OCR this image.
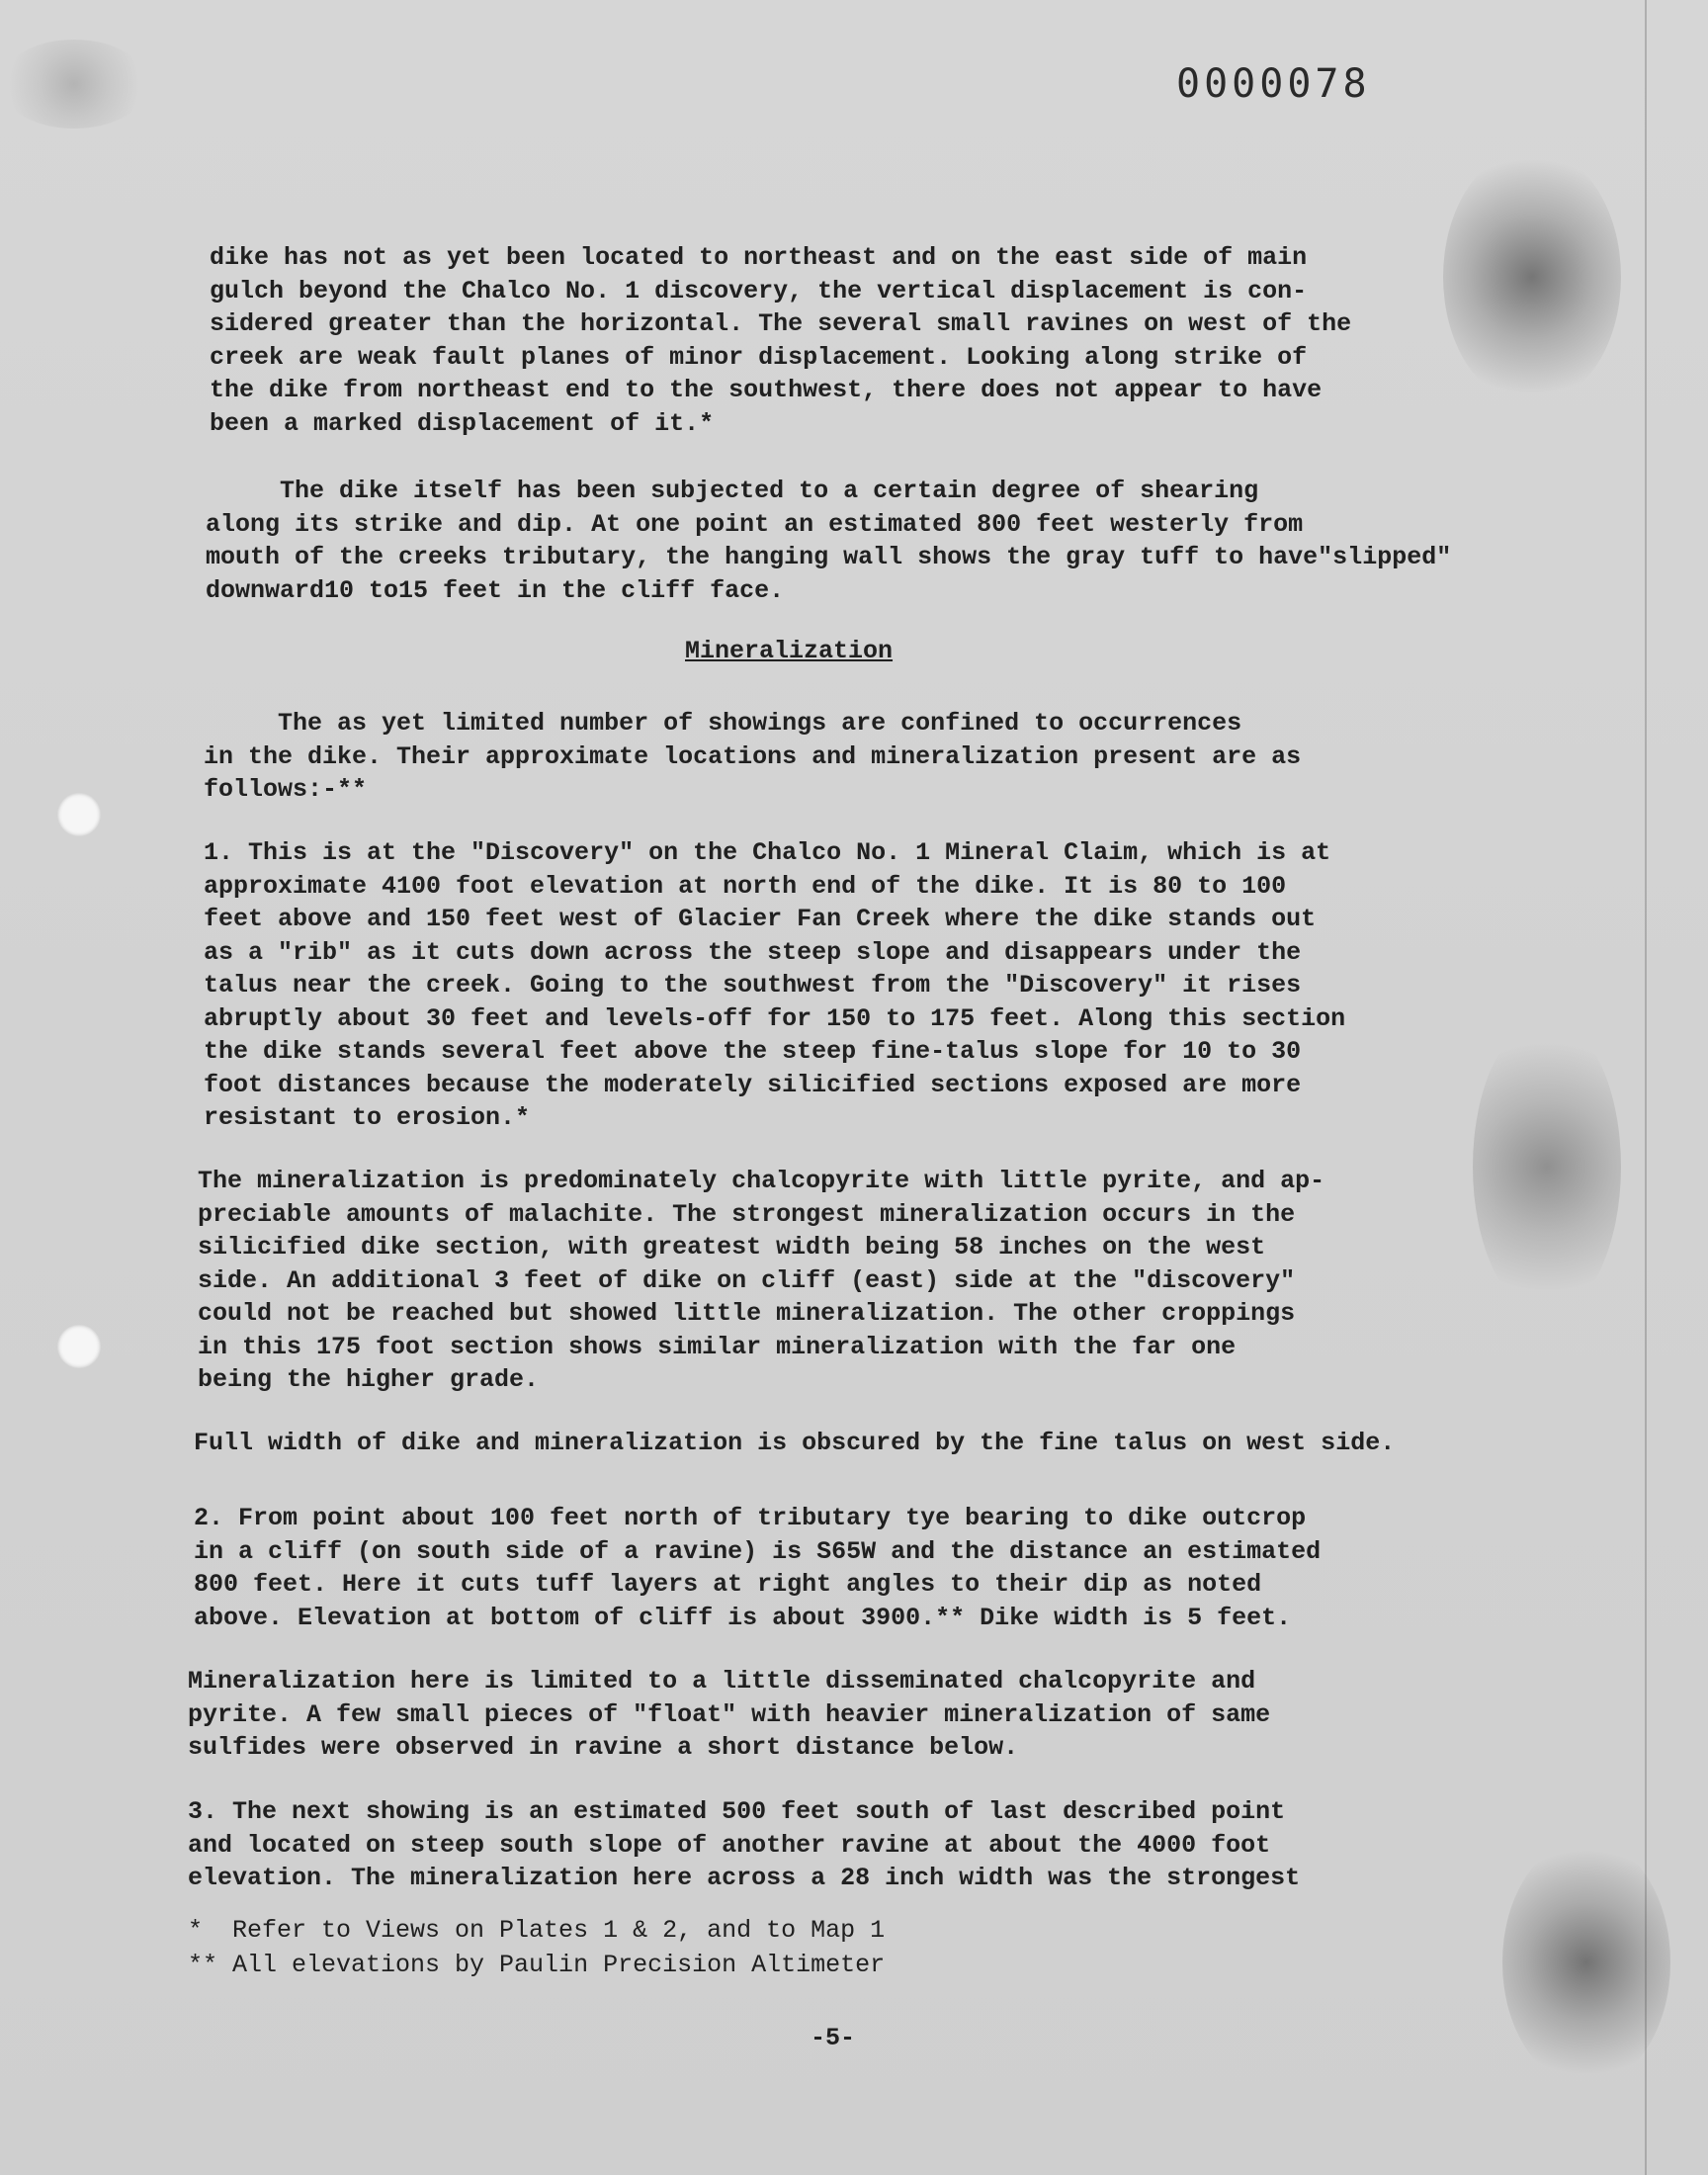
0000078
dike has not as yet been located to northeast and on the east side of main
gulch beyond the Chalco No. 1 discovery, the vertical displacement is con-
sidered greater than the horizontal. The several small ravines on west of the
creek are weak fault planes of minor displacement. Looking along strike of
the dike from northeast end to the southwest, there does not appear to have
been a marked displacement of it.*
The dike itself has been subjected to a certain degree of shearing
along its strike and dip. At one point an estimated 800 feet westerly from
mouth of the creeks tributary, the hanging wall shows the gray tuff to have"slipped"
downward10 to15 feet in the cliff face.
Mineralization
The as yet limited number of showings are confined to occurrences
in the dike. Their approximate locations and mineralization present are as
follows:-**
1. This is at the "Discovery" on the Chalco No. 1 Mineral Claim, which is at
approximate 4100 foot elevation at north end of the dike. It is 80 to 100
feet above and 150 feet west of Glacier Fan Creek where the dike stands out
as a "rib" as it cuts down across the steep slope and disappears under the
talus near the creek. Going to the southwest from the "Discovery" it rises
abruptly about 30 feet and levels-off for 150 to 175 feet. Along this section
the dike stands several feet above the steep fine-talus slope for 10 to 30
foot distances because the moderately silicified sections exposed are more
resistant to erosion.*
The mineralization is predominately chalcopyrite with little pyrite, and ap-
preciable amounts of malachite. The strongest mineralization occurs in the
silicified dike section, with greatest width being 58 inches on the west
side. An additional 3 feet of dike on cliff (east) side at the "discovery"
could not be reached but showed little mineralization. The other croppings
in this 175 foot section shows similar mineralization with the far one
being the higher grade.
Full width of dike and mineralization is obscured by the fine talus on west side.
2. From point about 100 feet north of tributary tye bearing to dike outcrop
in a cliff (on south side of a ravine) is S65W and the distance an estimated
800 feet. Here it cuts tuff layers at right angles to their dip as noted
above. Elevation at bottom of cliff is about 3900.** Dike width is 5 feet.
Mineralization here is limited to a little disseminated chalcopyrite and
pyrite. A few small pieces of "float" with heavier mineralization of same
sulfides were observed in ravine a short distance below.
3. The next showing is an estimated 500 feet south of last described point
and located on steep south slope of another ravine at about the 4000 foot
elevation. The mineralization here across a 28 inch width was the strongest
*  Refer to Views on Plates 1 & 2, and to Map 1
** All elevations by Paulin Precision Altimeter
-5-
